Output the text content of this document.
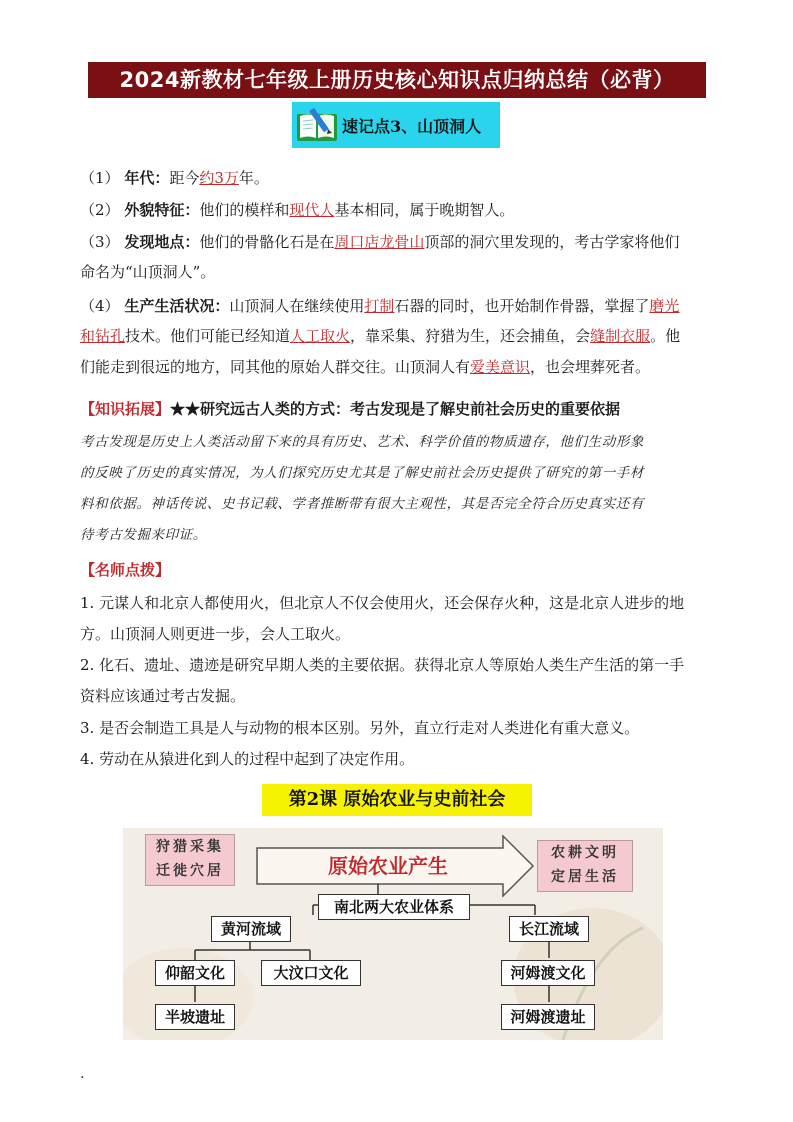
2024新教材七年级上册历史核心知识点归纳总结（必背）
速记点3、山顶洞人
（1） 年代：距今约3万年。
（2） 外貌特征：他们的模样和现代人基本相同，属于晚期智人。
（3） 发现地点：他们的骨骼化石是在周口店龙骨山顶部的洞穴里发现的，考古学家将他们
命名为“山顶洞人”。
（4） 生产生活状况：山顶洞人在继续使用打制石器的同时，也开始制作骨器，掌握了磨光
和钻孔技术。他们可能已经知道人工取火，靠采集、狩猎为生，还会捕鱼，会缝制衣服。他
们能走到很远的地方，同其他的原始人群交往。山顶洞人有爱美意识，也会埋葬死者。
【知识拓展】★★研究远古人类的方式：考古发现是了解史前社会历史的重要依据
考古发现是历史上人类活动留下来的具有历史、艺术、科学价值的物质遗存，他们生动形象
的反映了历史的真实情况，为人们探究历史尤其是了解史前社会历史提供了研究的第一手材
料和依据。神话传说、史书记载、学者推断带有很大主观性，其是否完全符合历史真实还有
待考古发掘来印证。
【名师点拨】
1. 元谋人和北京人都使用火，但北京人不仅会使用火，还会保存火种，这是北京人进步的地
方。山顶洞人则更进一步，会人工取火。
2. 化石、遗址、遗迹是研究早期人类的主要依据。获得北京人等原始人类生产生活的第一手
资料应该通过考古发掘。
3. 是否会制造工具是人与动物的根本区别。另外，直立行走对人类进化有重大意义。
4. 劳动在从猿进化到人的过程中起到了决定作用。
第2课 原始农业与史前社会
狩猎采集
迁徙穴居	原始农业产生
农耕文明
定居生活
南北两大农业体系
黄河流域	长江流域
仰韶文化	大汶口文化
半坡遗址
河姆渡文化
河姆渡遗址
.
